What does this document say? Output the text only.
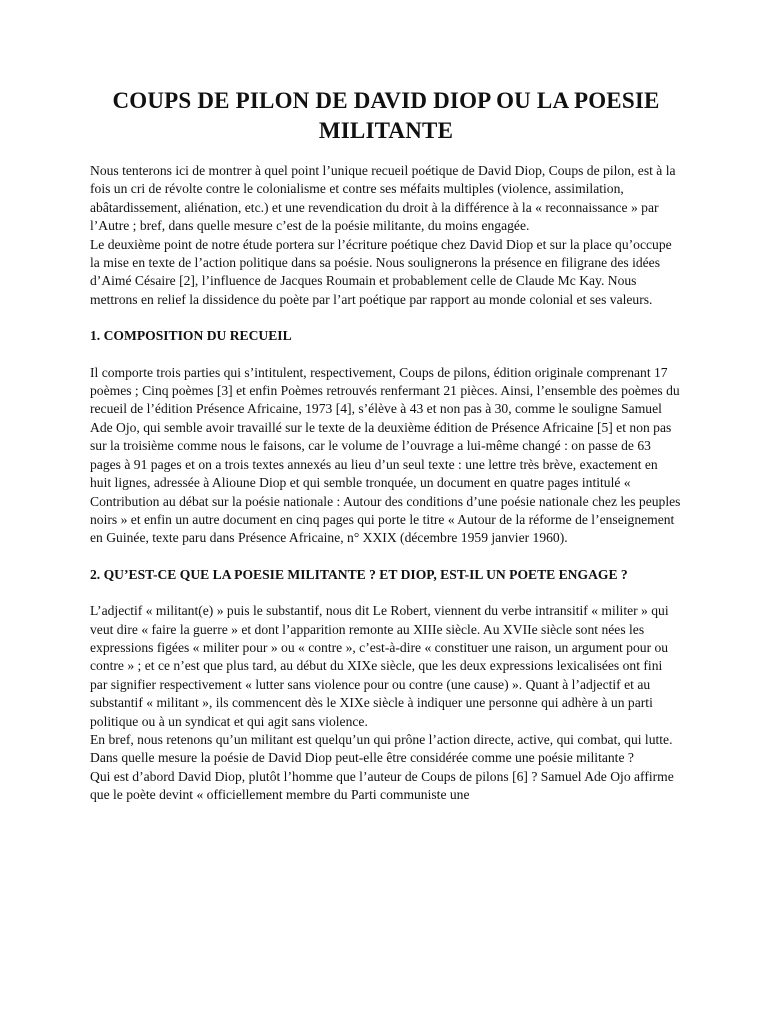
COUPS DE PILON DE DAVID DIOP OU LA POESIE MILITANTE

Nous tenterons ici de montrer à quel point l’unique recueil poétique de David Diop, Coups de pilon, est à la fois un cri de révolte contre le colonialisme et contre ses méfaits multiples (violence, assimilation, abâtardissement, aliénation, etc.) et une revendication du droit à la différence à la « reconnaissance » par l’Autre ; bref, dans quelle mesure c’est de la poésie militante, du moins engagée.

Le deuxième point de notre étude portera sur l’écriture poétique chez David Diop et sur la place qu’occupe la mise en texte de l’action politique dans sa poésie. Nous soulignerons la présence en filigrane des idées d’Aimé Césaire [2], l’influence de Jacques Roumain et probablement celle de Claude Mc Kay. Nous mettrons en relief la dissidence du poète par l’art poétique par rapport au monde colonial et ses valeurs.

1. COMPOSITION DU RECUEIL

Il comporte trois parties qui s’intitulent, respectivement, Coups de pilons, édition originale comprenant 17 poèmes ; Cinq poèmes [3] et enfin Poèmes retrouvés renfermant 21 pièces. Ainsi, l’ensemble des poèmes du recueil de l’édition Présence Africaine, 1973 [4], s’élève à 43 et non pas à 30, comme le souligne Samuel Ade Ojo, qui semble avoir travaillé sur le texte de la deuxième édition de Présence Africaine [5] et non pas sur la troisième comme nous le faisons, car le volume de l’ouvrage a lui-même changé : on passe de 63 pages à 91 pages et on a trois textes annexés au lieu d’un seul texte : une lettre très brève, exactement en huit lignes, adressée à Alioune Diop et qui semble tronquée, un document en quatre pages intitulé « Contribution au débat sur la poésie nationale : Autour des conditions d’une poésie nationale chez les peuples noirs » et enfin un autre document en cinq pages qui porte le titre « Autour de la réforme de l’enseignement en Guinée, texte paru dans Présence Africaine, n° XXIX (décembre 1959 janvier 1960).

2. QU’EST-CE QUE LA POESIE MILITANTE ? ET DIOP, EST-IL UN POETE ENGAGE ?

L’adjectif « militant(e) » puis le substantif, nous dit Le Robert, viennent du verbe intransitif « militer » qui veut dire « faire la guerre » et dont l’apparition remonte au XIIIe siècle. Au XVIIe siècle sont nées les expressions figées « militer pour » ou « contre », c’est-à-dire « constituer une raison, un argument pour ou contre » ; et ce n’est que plus tard, au début du XIXe siècle, que les deux expressions lexicalisées ont fini par signifier respectivement « lutter sans violence pour ou contre (une cause) ». Quant à l’adjectif et au substantif « militant », ils commencent dès le XIXe siècle à indiquer une personne qui adhère à un parti politique ou à un syndicat et qui agit sans violence.

En bref, nous retenons qu’un militant est quelqu’un qui prône l’action directe, active, qui combat, qui lutte. Dans quelle mesure la poésie de David Diop peut-elle être considérée comme une poésie militante ?

Qui est d’abord David Diop, plutôt l’homme que l’auteur de Coups de pilons [6] ? Samuel Ade Ojo affirme que le poète devint « officiellement membre du Parti communiste une
